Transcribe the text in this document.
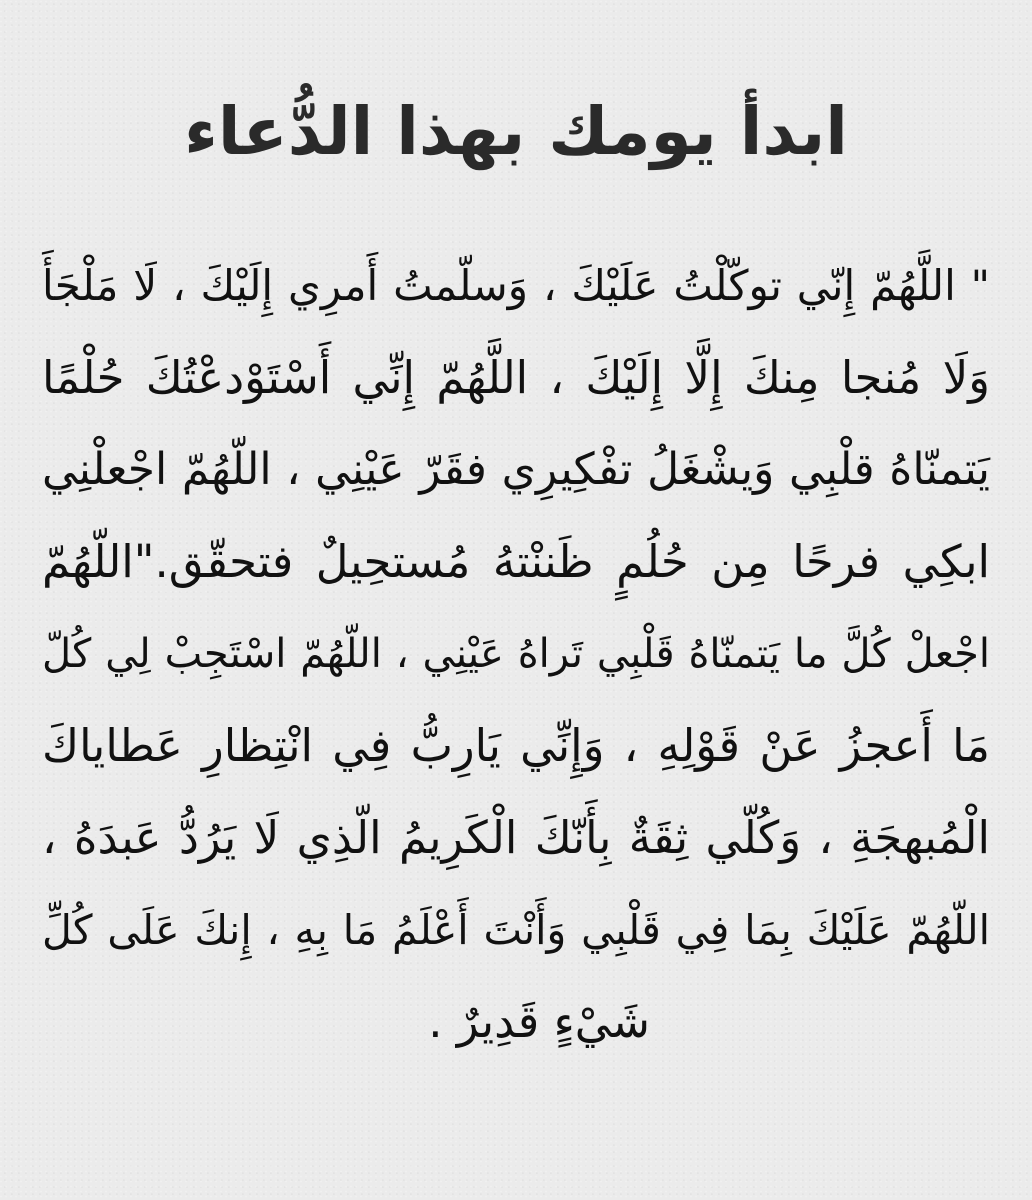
ابدأ يومك بهذا الدُّعاء
" اللَّهُمّ إِنّي توكّلْتُ عَلَيْكَ ، وَسلّمتُ أَمرِي إِلَيْكَ ، لَا مَلْجَأَ
وَلَا مُنجا مِنكَ إِلَّا إِلَيْكَ ، اللَّهُمّ إِنِّي أَسْتَوْدعْتُكَ حُلْمًا
يَتمنّاهُ قلْبِي وَيشْغَلُ تفْكِيرِي فقَرّ عَيْنِي ، اللّهُمّ اجْعلْنِي
ابكِي فرحًا مِن حُلُمٍ ظَننْتهُ مُستحِيلٌ فتحقّق."اللّهُمّ
اجْعلْ كُلَّ ما يَتمنّاهُ قَلْبِي تَراهُ عَيْنِي ، اللّهُمّ اسْتَجِبْ لِي كُلّ
مَا أَعجزُ عَنْ قَوْلِهِ ، وَإِنِّي يَارِبُّ فِي انْتِظارِ عَطاياكَ
الْمُبهجَةِ ، وَكُلّي ثِقَةٌ بِأَنّكَ الْكَرِيمُ الّذِي لَا يَرُدُّ عَبدَهُ ،
اللّهُمّ عَلَيْكَ بِمَا فِي قَلْبِي وَأَنْتَ أَعْلَمُ مَا بِهِ ، إِنكَ عَلَى كُلِّ
شَيْءٍ قَدِيرٌ .
